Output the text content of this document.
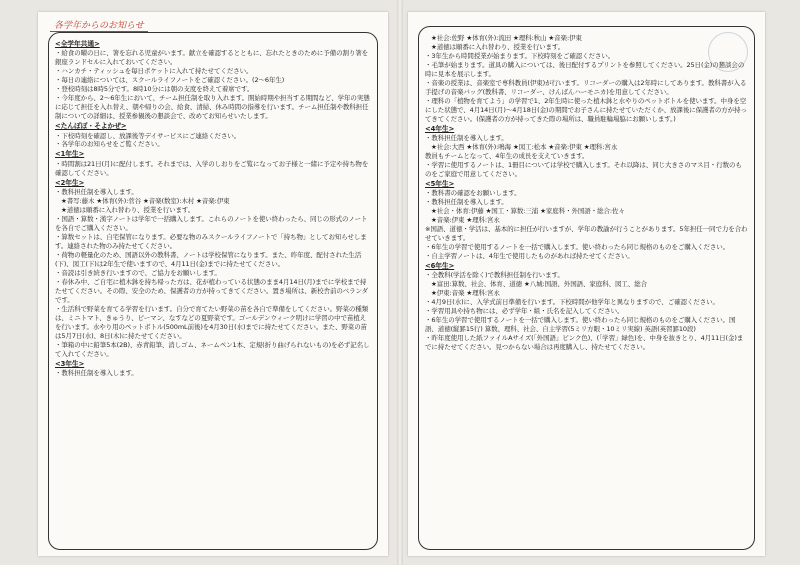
<全学年共通>
・給食の曜の日に、箸を忘れる児童がいます。献立を確認するとともに、忘れたときのために予備の割り箸を銀座ランドセルに入れておいてください。
・ハンカチ・ティッシュを毎日ポケットに入れて持たせてください。
・毎日の連絡については、スクールライフノートをご確認ください。(2〜6年生)
・登校時刻は8時5分です。8時10分には朝の支度を終えて着席です。
・今年度から、2〜6年生において、チーム担任制を取り入れます。開始時期や担当する期間など、学年の実態に応じて担任を入れ替え、朝や帰りの会、給食、清掃、休み時間の指導を行います。チーム担任制や教科担任制についての詳細は、授業参観後の懇談会で、改めてお知らせいたします。
<たんぽぽ・そよかぜ>
・下校時刻を確認し、放課後等デイサービスにご連絡ください。
・各学年のお知らせをご覧ください。
<1年生>
・時間割は21日(月)に配付します。それまでは、入学のしおりをご覧になってお子様と一緒に予定や持ち物を確認してください。
<2年生>
・教科担任制を導入します。
★書写:藤木 ★体育(外):菅谷 ★音楽(数室):木村 ★音楽:伊東
★道徳は順番に入れ替わり、授業を行います。
・国語・算数・漢字ノートは学年で一括購入します。これらのノートを使い終わったら、同じの形式のノートを各自でご購入ください。
・算数セットは、自宅保管になります。必要な物のみスクールライフノートで「持ち物」としてお知らせします。連絡された物のみ持たせてください。
・荷物の軽量化のため、国語以外の教科書、ノートは学校保管になります。また、昨年度、配付された生活(下)、図工(下)は2年生で使いますので、4月11日(金)までに持たせてください。
・音読は引き続き行いますので、ご協力をお願いします。
・春休み中、ご自宅に植木鉢を持ち帰った方は、花が植わっている状態のまま4月14日(月)までに学校まで持たせてください。その際、安全のため、保護者の方が持ってきてください。置き場所は、新校舎前のベランダです。
・生活科で野菜を育てる学習を行います。自分で育てたい野菜の苗を各自で準備をしてください。野菜の種類は、ミニトマト、きゅうり、ピーマン、なすなどの夏野菜です。ゴールデンウィーク明けに学習の中で苗植えを行います。水やり用のペットボトル(500mL前後)を4月30日(水)までに持たせてください。また、野菜の苗は5月7日(水)、8日(木)に持たせてください。
・筆箱の中に鉛筆5本(2B)、赤青鉛筆、消しゴム、ネームペン1本、定規(折り曲げられないもの)を必ず記名して入れてください。
<3年生>
・教科担任制を導入します。
各学年からのお知らせ
★社会:佐野 ★体育(外):流田 ★理科:秋山 ★音楽:伊東
★道徳は順番に入れ替わり、授業を行います。
・3年生から時間授業が始まります。下校時刻をご確認ください。
・毛筆が始まります。道具の購入については、後日配付するプリントを参照してください。25日(金)の懇談会の時に見本を展示します。
・音楽の授業は、音楽室で専科教員(伊東)が行います。リコーダーの購入は2年時にしてあります。教科書が入る手提げの音楽バッグ(教科書、リコーダー、けんばんハーモニカ)を用意してください。
・理科の「植物を育てよう」の学習で1、2年生時に使った植木鉢と水やりのペットボトルを使います。中身を空にした状態で、4月14日(月)〜4月18日(金)の期間でお子さんに持たせていただくか、放課後に保護者の方が持ってきてください。(保護者の方が持ってきた際の場所は、職員駐輪場脇にお願いします。)
<4年生>
・教科担任制を導入します。
★社会:大西 ★体育(外):鳴海 ★図工:松本 ★音楽:伊東 ★理科:宮永
教員もチームとなって、4年生の成長を支えていきます。
・学習に使用するノートは、1冊目については学校で購入します。それ以降は、同じ大きさのマス目・行数のものをご家庭で用意してください。
<5年生>
・教科書の確認をお願いします。
・教科担任制を導入します。
★社会・体育:伊藤 ★国工・算数:三浦 ★家庭科・外国語・総合:佐々
★音楽:伊東 ★理科:宮永
※国語、道徳・学活は、基本的に担任が行いますが、学年の教諭が行うことがあります。5年担任一同で力を合わせていきます。
・6年生の学習で使用するノートを一括で購入します。使い終わったら同じ規格のものをご購入ください。
・自主学習ノートは、4年生で使用したものがあれば持たせてください。
<6年生>
・全教科(学活を除く)で教科担任制を行います。
★富田:算数、社会、体育、道徳 ★八城:国語、外国語、家庭科、図工、総合
★伊東:音楽 ★理科:宮永
・4月9日(水)に、入学式前日準備を行います。下校時間が他学年と異なりますので、ご確認ください。
・学習用具や持ち物には、必ず学年・組・氏名を記入してください。
・6年生の学習で使用するノートを一括で購入します。使い終わったら同じ規格のものをご購入ください。国語、道徳(縦罫15行) 算数、理科、社会、自主学習(5ミリ方眼・10ミリ実線) 英語(英習罫10段)
・昨年度使用した紙ファイルAサイズ(「外国語」ピンク色)、(「学習」緑色)を、中身を抜きとり、4月11日(金)までに持たせてください。見つからない場合は再度購入し、持たせてください。
